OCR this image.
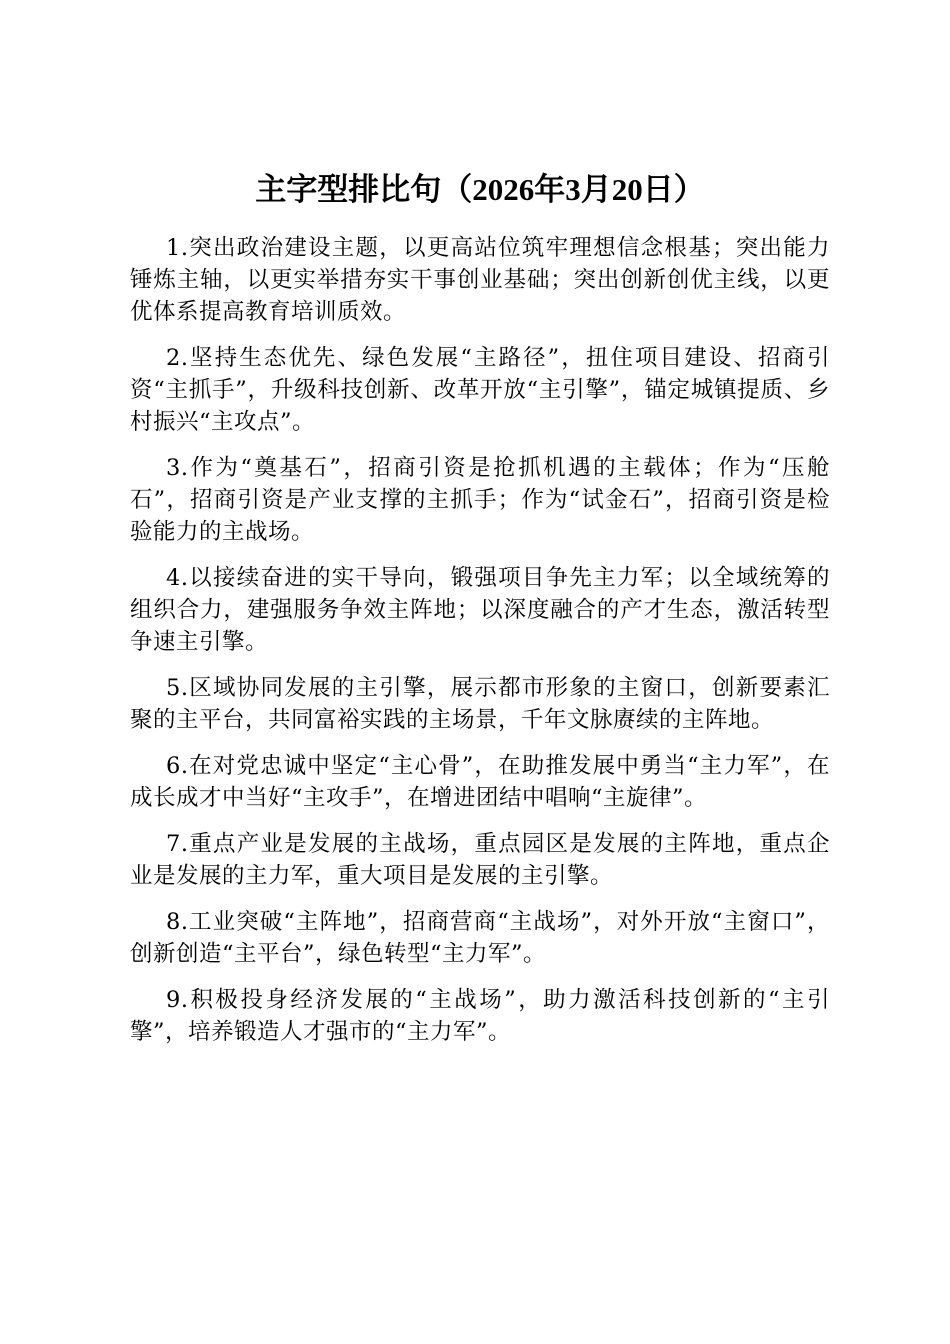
主字型排比句（2026年3月20日）

1.突出政治建设主题，以更高站位筑牢理想信念根基；突出能力锤炼主轴，以更实举措夯实干事创业基础；突出创新创优主线，以更优体系提高教育培训质效。

2.坚持生态优先、绿色发展“主路径”，扭住项目建设、招商引资“主抓手”，升级科技创新、改革开放“主引擎”，锚定城镇提质、乡村振兴“主攻点”。

3.作为“奠基石”，招商引资是抢抓机遇的主载体；作为“压舱石”，招商引资是产业支撑的主抓手；作为“试金石”，招商引资是检验能力的主战场。

4.以接续奋进的实干导向，锻强项目争先主力军；以全域统筹的组织合力，建强服务争效主阵地；以深度融合的产才生态，激活转型争速主引擎。

5.区域协同发展的主引擎，展示都市形象的主窗口，创新要素汇聚的主平台，共同富裕实践的主场景，千年文脉赓续的主阵地。

6.在对党忠诚中坚定“主心骨”，在助推发展中勇当“主力军”，在成长成才中当好“主攻手”，在增进团结中唱响“主旋律”。

7.重点产业是发展的主战场，重点园区是发展的主阵地，重点企业是发展的主力军，重大项目是发展的主引擎。

8.工业突破“主阵地”，招商营商“主战场”，对外开放“主窗口”，创新创造“主平台”，绿色转型“主力军”。

9.积极投身经济发展的“主战场”，助力激活科技创新的“主引擎”，培养锻造人才强市的“主力军”。
